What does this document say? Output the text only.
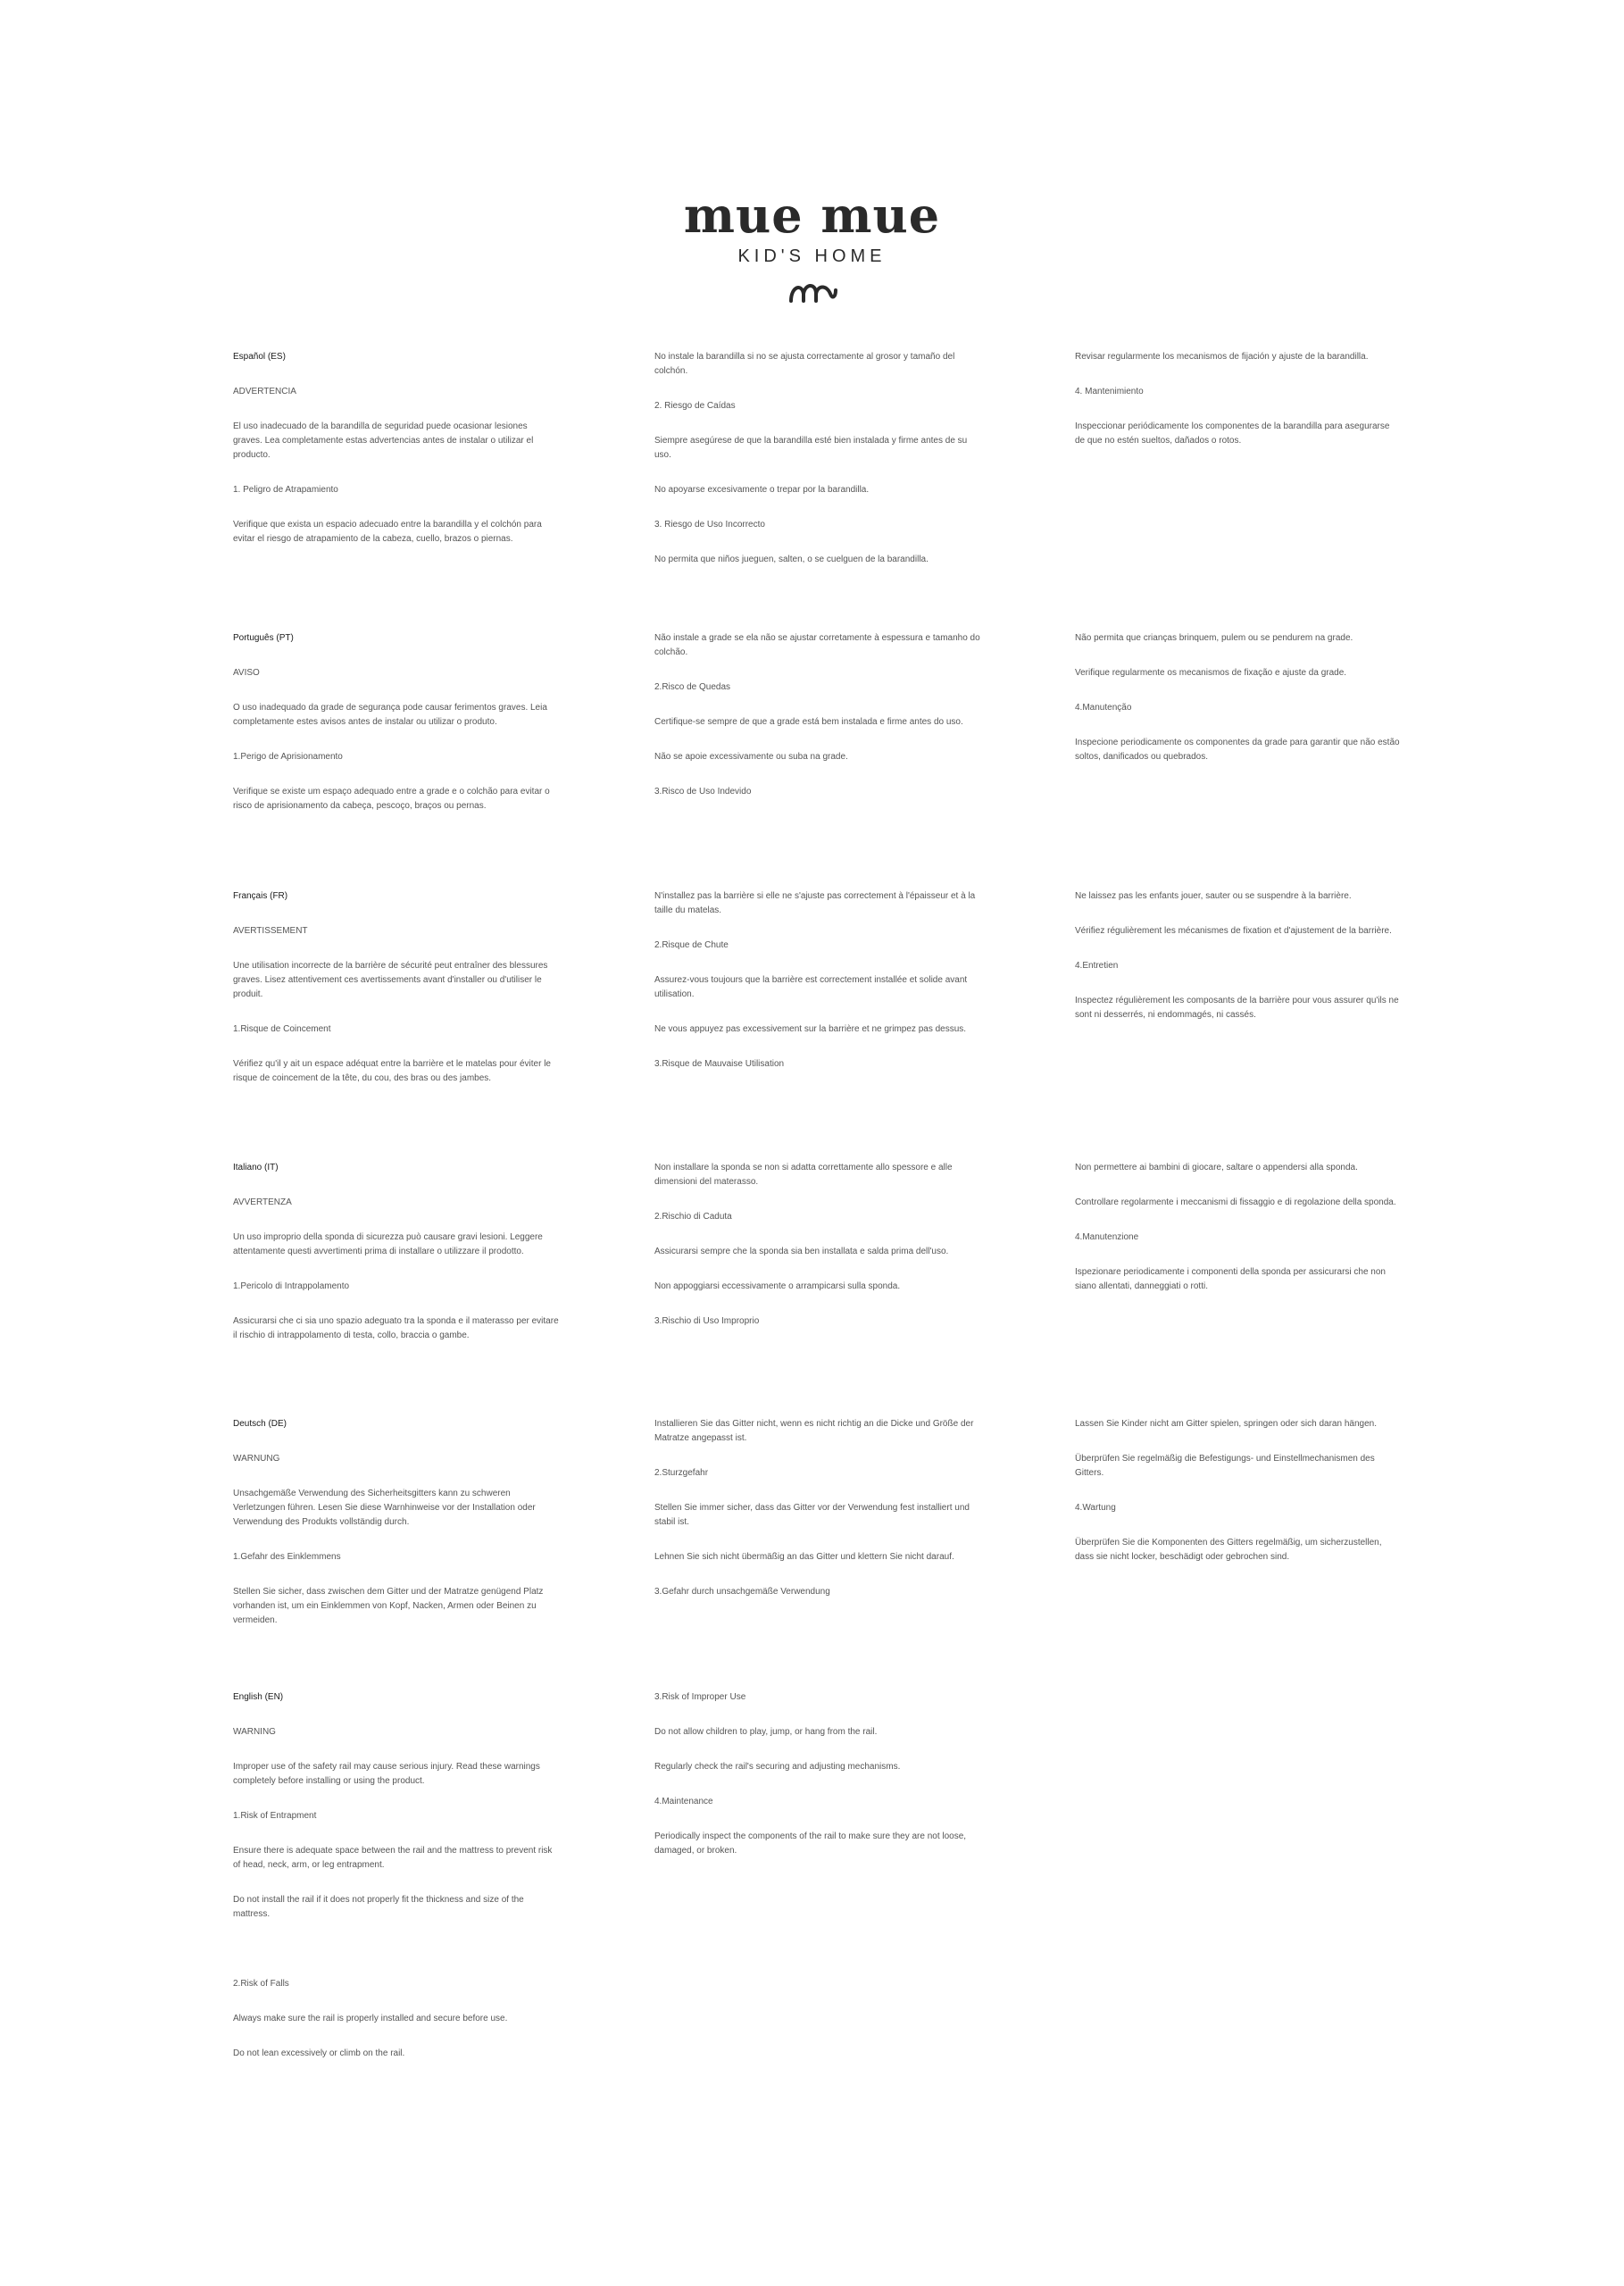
mue mue
KID'S HOME

Español (ES)

ADVERTENCIA

El uso inadecuado de la barandilla de seguridad puede ocasionar lesiones graves. Lea completamente estas advertencias antes de instalar o utilizar el producto.

1. Peligro de Atrapamiento

Verifique que exista un espacio adecuado entre la barandilla y el colchón para evitar el riesgo de atrapamiento de la cabeza, cuello, brazos o piernas.

No instale la barandilla si no se ajusta correctamente al grosor y tamaño del colchón.

2. Riesgo de Caídas

Siempre asegúrese de que la barandilla esté bien instalada y firme antes de su uso.

No apoyarse excesivamente o trepar por la barandilla.

3. Riesgo de Uso Incorrecto

No permita que niños jueguen, salten, o se cuelguen de la barandilla.

Revisar regularmente los mecanismos de fijación y ajuste de la barandilla.

4. Mantenimiento

Inspeccionar periódicamente los componentes de la barandilla para asegurarse de que no estén sueltos, dañados o rotos.

Português (PT)

AVISO

O uso inadequado da grade de segurança pode causar ferimentos graves. Leia completamente estes avisos antes de instalar ou utilizar o produto.

1.Perigo de Aprisionamento

Verifique se existe um espaço adequado entre a grade e o colchão para evitar o risco de aprisionamento da cabeça, pescoço, braços ou pernas.

Não instale a grade se ela não se ajustar corretamente à espessura e tamanho do colchão.

2.Risco de Quedas

Certifique-se sempre de que a grade está bem instalada e firme antes do uso.

Não se apoie excessivamente ou suba na grade.

3.Risco de Uso Indevido

Não permita que crianças brinquem, pulem ou se pendurem na grade.

Verifique regularmente os mecanismos de fixação e ajuste da grade.

4.Manutenção

Inspecione periodicamente os componentes da grade para garantir que não estão soltos, danificados ou quebrados.

Français (FR)

AVERTISSEMENT

Une utilisation incorrecte de la barrière de sécurité peut entraîner des blessures graves. Lisez attentivement ces avertissements avant d'installer ou d'utiliser le produit.

1.Risque de Coincement

Vérifiez qu'il y ait un espace adéquat entre la barrière et le matelas pour éviter le risque de coincement de la tête, du cou, des bras ou des jambes.

N'installez pas la barrière si elle ne s'ajuste pas correctement à l'épaisseur et à la taille du matelas.

2.Risque de Chute

Assurez-vous toujours que la barrière est correctement installée et solide avant utilisation.

Ne vous appuyez pas excessivement sur la barrière et ne grimpez pas dessus.

3.Risque de Mauvaise Utilisation

Ne laissez pas les enfants jouer, sauter ou se suspendre à la barrière.

Vérifiez régulièrement les mécanismes de fixation et d'ajustement de la barrière.

4.Entretien

Inspectez régulièrement les composants de la barrière pour vous assurer qu'ils ne sont ni desserrés, ni endommagés, ni cassés.

Italiano (IT)

AVVERTENZA

Un uso improprio della sponda di sicurezza può causare gravi lesioni. Leggere attentamente questi avvertimenti prima di installare o utilizzare il prodotto.

1.Pericolo di Intrappolamento

Assicurarsi che ci sia uno spazio adeguato tra la sponda e il materasso per evitare il rischio di intrappolamento di testa, collo, braccia o gambe.

Non installare la sponda se non si adatta correttamente allo spessore e alle dimensioni del materasso.

2.Rischio di Caduta

Assicurarsi sempre che la sponda sia ben installata e salda prima dell'uso.

Non appoggiarsi eccessivamente o arrampicarsi sulla sponda.

3.Rischio di Uso Improprio

Non permettere ai bambini di giocare, saltare o appendersi alla sponda.

Controllare regolarmente i meccanismi di fissaggio e di regolazione della sponda.

4.Manutenzione

Ispezionare periodicamente i componenti della sponda per assicurarsi che non siano allentati, danneggiati o rotti.

Deutsch (DE)

WARNUNG

Unsachgemäße Verwendung des Sicherheitsgitters kann zu schweren Verletzungen führen. Lesen Sie diese Warnhinweise vor der Installation oder Verwendung des Produkts vollständig durch.

1.Gefahr des Einklemmens

Stellen Sie sicher, dass zwischen dem Gitter und der Matratze genügend Platz vorhanden ist, um ein Einklemmen von Kopf, Nacken, Armen oder Beinen zu vermeiden.

Installieren Sie das Gitter nicht, wenn es nicht richtig an die Dicke und Größe der Matratze angepasst ist.

2.Sturzgefahr

Stellen Sie immer sicher, dass das Gitter vor der Verwendung fest installiert und stabil ist.

Lehnen Sie sich nicht übermäßig an das Gitter und klettern Sie nicht darauf.

3.Gefahr durch unsachgemäße Verwendung

Lassen Sie Kinder nicht am Gitter spielen, springen oder sich daran hängen.

Überprüfen Sie regelmäßig die Befestigungs- und Einstellmechanismen des Gitters.

4.Wartung

Überprüfen Sie die Komponenten des Gitters regelmäßig, um sicherzustellen, dass sie nicht locker, beschädigt oder gebrochen sind.

English (EN)

WARNING

Improper use of the safety rail may cause serious injury. Read these warnings completely before installing or using the product.

1.Risk of Entrapment

Ensure there is adequate space between the rail and the mattress to prevent risk of head, neck, arm, or leg entrapment.

Do not install the rail if it does not properly fit the thickness and size of the mattress.

2.Risk of Falls

Always make sure the rail is properly installed and secure before use.

Do not lean excessively or climb on the rail.

3.Risk of Improper Use

Do not allow children to play, jump, or hang from the rail.

Regularly check the rail's securing and adjusting mechanisms.

4.Maintenance

Periodically inspect the components of the rail to make sure they are not loose, damaged, or broken.
